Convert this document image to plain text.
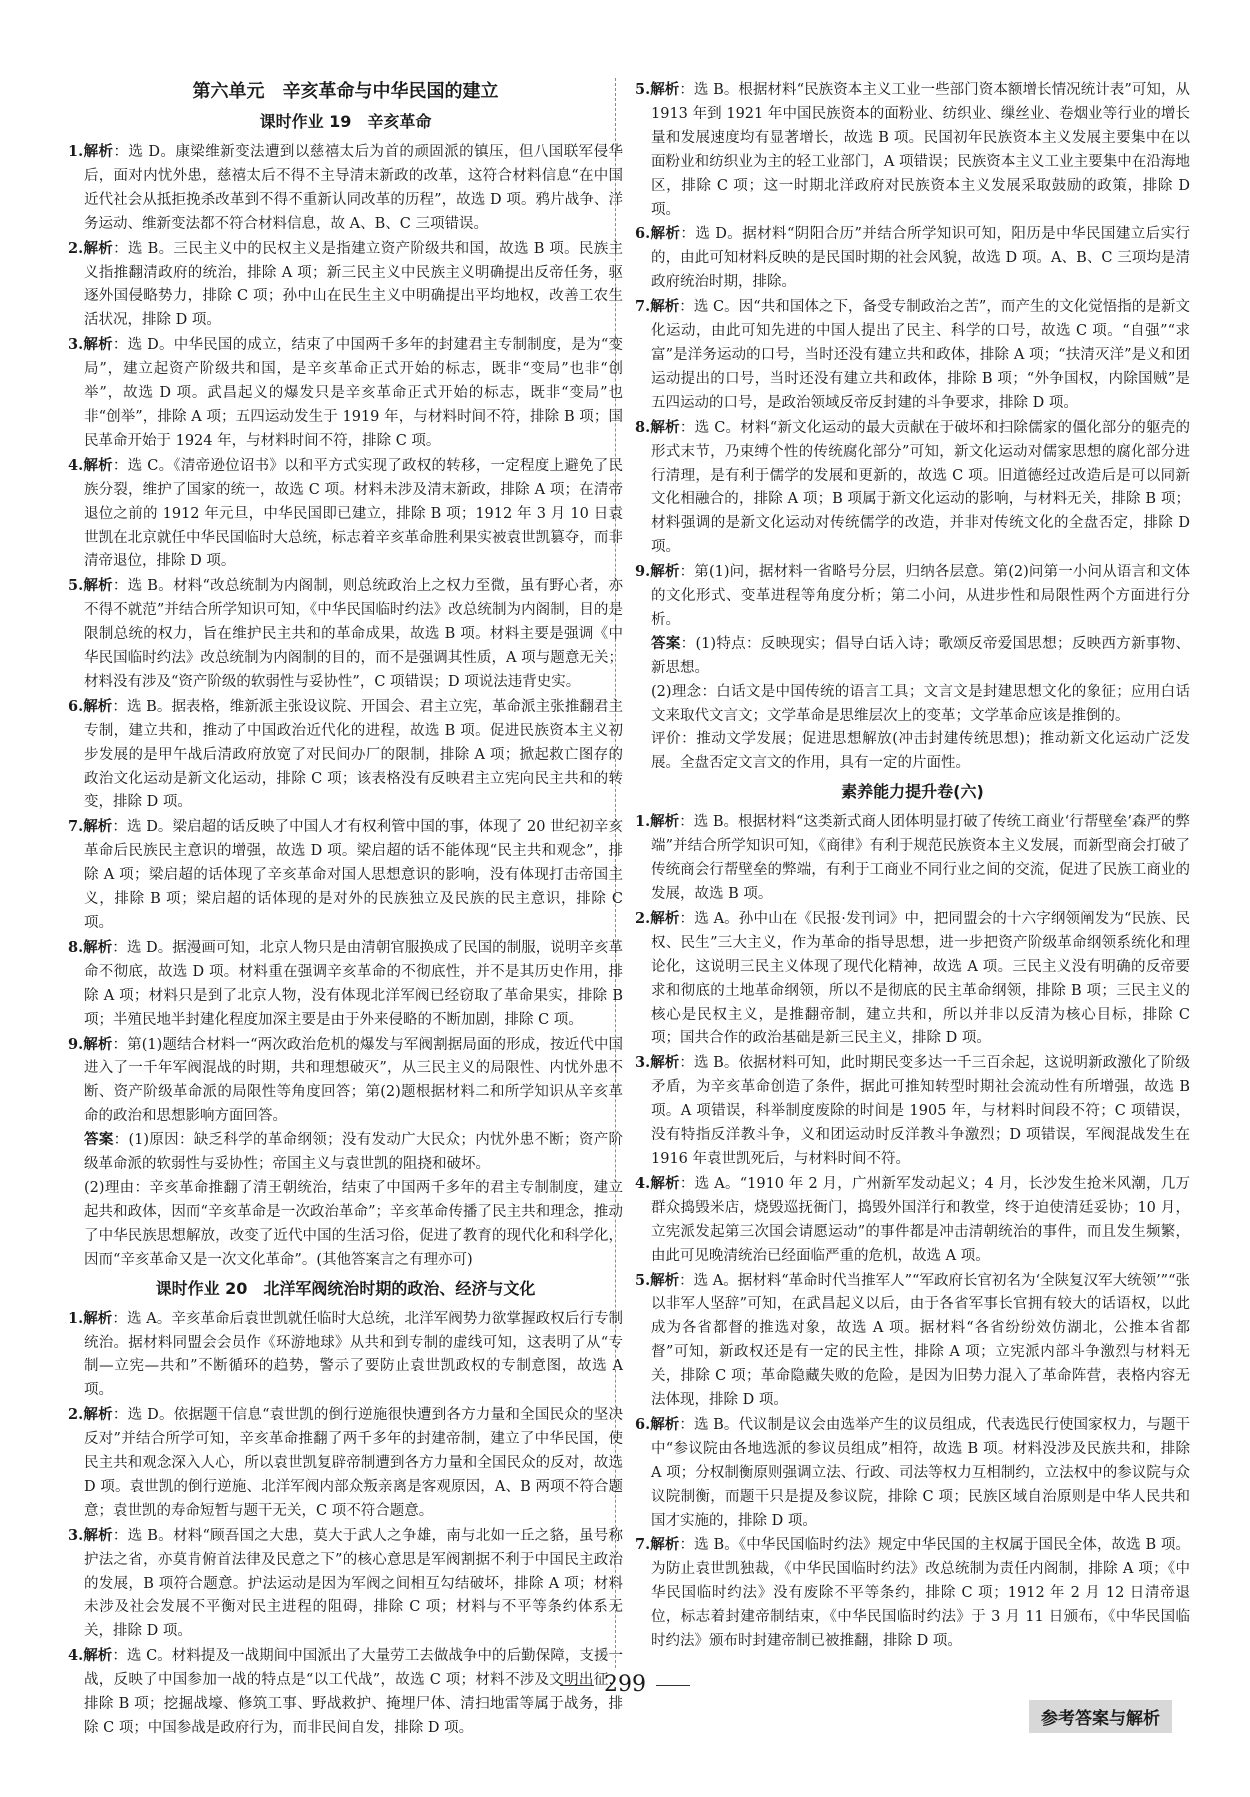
第六单元　辛亥革命与中华民国的建立
课时作业 19　辛亥革命

1.解析：选 D。康梁维新变法遭到以慈禧太后为首的顽固派的镇压，但八国联军侵华后，面对内忧外患，慈禧太后不得不主导清末新政的改革，这符合材料信息“在中国近代社会从抵拒挽杀改革到不得不重新认同改革的历程”，故选 D 项。鸦片战争、洋务运动、维新变法都不符合材料信息，故 A、B、C 三项错误。

2.解析：选 B。三民主义中的民权主义是指建立资产阶级共和国，故选 B 项。民族主义指推翻清政府的统治，排除 A 项；新三民主义中民族主义明确提出反帝任务，驱逐外国侵略势力，排除 C 项；孙中山在民生主义中明确提出平均地权，改善工农生活状况，排除 D 项。

3.解析：选 D。中华民国的成立，结束了中国两千多年的封建君主专制制度，是为“变局”，建立起资产阶级共和国，是辛亥革命正式开始的标志，既非“变局”也非“创举”，故选 D 项。武昌起义的爆发只是辛亥革命正式开始的标志，既非“变局”也非“创举”，排除 A 项；五四运动发生于 1919 年，与材料时间不符，排除 B 项；国民革命开始于 1924 年，与材料时间不符，排除 C 项。

4.解析：选 C。《清帝逊位诏书》以和平方式实现了政权的转移，一定程度上避免了民族分裂，维护了国家的统一，故选 C 项。材料未涉及清末新政，排除 A 项；在清帝退位之前的 1912 年元旦，中华民国即已建立，排除 B 项；1912 年 3 月 10 日袁世凯在北京就任中华民国临时大总统，标志着辛亥革命胜利果实被袁世凯篡夺，而非清帝退位，排除 D 项。

5.解析：选 B。材料“改总统制为内阁制，则总统政治上之权力至微，虽有野心者，亦不得不就范”并结合所学知识可知，《中华民国临时约法》改总统制为内阁制，目的是限制总统的权力，旨在维护民主共和的革命成果，故选 B 项。材料主要是强调《中华民国临时约法》改总统制为内阁制的目的，而不是强调其性质，A 项与题意无关；材料没有涉及“资产阶级的软弱性与妥协性”，C 项错误；D 项说法违背史实。

6.解析：选 B。据表格，维新派主张设议院、开国会、君主立宪，革命派主张推翻君主专制，建立共和，推动了中国政治近代化的进程，故选 B 项。促进民族资本主义初步发展的是甲午战后清政府放宽了对民间办厂的限制，排除 A 项；掀起救亡图存的政治文化运动是新文化运动，排除 C 项；该表格没有反映君主立宪向民主共和的转变，排除 D 项。

7.解析：选 D。梁启超的话反映了中国人才有权利管中国的事，体现了 20 世纪初辛亥革命后民族民主意识的增强，故选 D 项。梁启超的话不能体现“民主共和观念”，排除 A 项；梁启超的话体现了辛亥革命对国人思想意识的影响，没有体现打击帝国主义，排除 B 项；梁启超的话体现的是对外的民族独立及民族的民主意识，排除 C 项。

8.解析：选 D。据漫画可知，北京人物只是由清朝官服换成了民国的制服，说明辛亥革命不彻底，故选 D 项。材料重在强调辛亥革命的不彻底性，并不是其历史作用，排除 A 项；材料只是到了北京人物，没有体现北洋军阀已经窃取了革命果实，排除 B 项；半殖民地半封建化程度加深主要是由于外来侵略的不断加剧，排除 C 项。

9.解析：第(1)题结合材料一“两次政治危机的爆发与军阀割据局面的形成，按近代中国进入了一千年军阀混战的时期，共和理想破灭”，从三民主义的局限性、内忧外患不断、资产阶级革命派的局限性等角度回答；第(2)题根据材料二和所学知识从辛亥革命的政治和思想影响方面回答。

答案：(1)原因：缺乏科学的革命纲领；没有发动广大民众；内忧外患不断；资产阶级革命派的软弱性与妥协性；帝国主义与袁世凯的阻挠和破坏。

(2)理由：辛亥革命推翻了清王朝统治，结束了中国两千多年的君主专制制度，建立起共和政体，因而“辛亥革命是一次政治革命”；辛亥革命传播了民主共和理念，推动了中华民族思想解放，改变了近代中国的生活习俗，促进了教育的现代化和科学化，因而“辛亥革命又是一次文化革命”。(其他答案言之有理亦可)

课时作业 20　北洋军阀统治时期的政治、经济与文化

1.解析：选 A。辛亥革命后袁世凯就任临时大总统，北洋军阀势力欲掌握政权后行专制统治。据材料同盟会会员作《环游地球》从共和到专制的虚线可知，这表明了从“专制—立宪—共和”不断循环的趋势，警示了要防止袁世凯政权的专制意图，故选 A 项。

2.解析：选 D。依据题干信息“袁世凯的倒行逆施很快遭到各方力量和全国民众的坚决反对”并结合所学可知，辛亥革命推翻了两千多年的封建帝制，建立了中华民国，使民主共和观念深入人心，所以袁世凯复辟帝制遭到各方力量和全国民众的反对，故选 D 项。袁世凯的倒行逆施、北洋军阀内部众叛亲离是客观原因，A、B 两项不符合题意；袁世凯的寿命短暂与题干无关，C 项不符合题意。

3.解析：选 B。材料“顾吾国之大患，莫大于武人之争雄，南与北如一丘之貉，虽号称护法之省，亦莫肯俯首法律及民意之下”的核心意思是军阀割据不利于中国民主政治的发展，B 项符合题意。护法运动是因为军阀之间相互勾结破坏，排除 A 项；材料未涉及社会发展不平衡对民主进程的阻碍，排除 C 项；材料与不平等条约体系无关，排除 D 项。

4.解析：选 C。材料提及一战期间中国派出了大量劳工去做战争中的后勤保障，支援一战，反映了中国参加一战的特点是“以工代战”，故选 C 项；材料不涉及文明出征，排除 B 项；挖掘战壕、修筑工事、野战救护、掩埋尸体、清扫地雷等属于战务，排除 C 项；中国参战是政府行为，而非民间自发，排除 D 项。

5.解析：选 B。根据材料“民族资本主义工业一些部门资本额增长情况统计表”可知，从 1913 年到 1921 年中国民族资本的面粉业、纺织业、缫丝业、卷烟业等行业的增长量和发展速度均有显著增长，故选 B 项。民国初年民族资本主义发展主要集中在以面粉业和纺织业为主的轻工业部门，A 项错误；民族资本主义工业主要集中在沿海地区，排除 C 项；这一时期北洋政府对民族资本主义发展采取鼓励的政策，排除 D 项。

6.解析：选 D。据材料“阴阳合历”并结合所学知识可知，阳历是中华民国建立后实行的，由此可知材料反映的是民国时期的社会风貌，故选 D 项。A、B、C 三项均是清政府统治时期，排除。

7.解析：选 C。因“共和国体之下，备受专制政治之苦”，而产生的文化觉悟指的是新文化运动，由此可知先进的中国人提出了民主、科学的口号，故选 C 项。“自强”“求富”是洋务运动的口号，当时还没有建立共和政体，排除 A 项；“扶清灭洋”是义和团运动提出的口号，当时还没有建立共和政体，排除 B 项；“外争国权，内除国贼”是五四运动的口号，是政治领域反帝反封建的斗争要求，排除 D 项。

8.解析：选 C。材料“新文化运动的最大贡献在于破坏和扫除儒家的僵化部分的躯壳的形式末节，乃束缚个性的传统腐化部分”可知，新文化运动对儒家思想的腐化部分进行清理，是有利于儒学的发展和更新的，故选 C 项。旧道德经过改造后是可以同新文化相融合的，排除 A 项；B 项属于新文化运动的影响，与材料无关，排除 B 项；材料强调的是新文化运动对传统儒学的改造，并非对传统文化的全盘否定，排除 D 项。

9.解析：第(1)问，据材料一省略号分层，归纳各层意。第(2)问第一小问从语言和文体的文化形式、变革进程等角度分析；第二小问，从进步性和局限性两个方面进行分析。

答案：(1)特点：反映现实；倡导白话入诗；歌颂反帝爱国思想；反映西方新事物、新思想。

(2)理念：白话文是中国传统的语言工具；文言文是封建思想文化的象征；应用白话文来取代文言文；文学革命是思维层次上的变革；文学革命应该是推倒的。

评价：推动文学发展；促进思想解放(冲击封建传统思想)；推动新文化运动广泛发展。全盘否定文言文的作用，具有一定的片面性。

素养能力提升卷(六)

1.解析：选 B。根据材料“这类新式商人团体明显打破了传统工商业‘行帮壁垒’森严的弊端”并结合所学知识可知，《商律》有利于规范民族资本主义发展，而新型商会打破了传统商会行帮壁垒的弊端，有利于工商业不同行业之间的交流，促进了民族工商业的发展，故选 B 项。

2.解析：选 A。孙中山在《民报·发刊词》中，把同盟会的十六字纲领阐发为“民族、民权、民生”三大主义，作为革命的指导思想，进一步把资产阶级革命纲领系统化和理论化，这说明三民主义体现了现代化精神，故选 A 项。三民主义没有明确的反帝要求和彻底的土地革命纲领，所以不是彻底的民主革命纲领，排除 B 项；三民主义的核心是民权主义，是推翻帝制，建立共和，所以并非以反清为核心目标，排除 C 项；国共合作的政治基础是新三民主义，排除 D 项。

3.解析：选 B。依据材料可知，此时期民变多达一千三百余起，这说明新政激化了阶级矛盾，为辛亥革命创造了条件，据此可推知转型时期社会流动性有所增强，故选 B 项。A 项错误，科举制度废除的时间是 1905 年，与材料时间段不符；C 项错误，没有特指反洋教斗争，义和团运动时反洋教斗争激烈；D 项错误，军阀混战发生在 1916 年袁世凯死后，与材料时间不符。

4.解析：选 A。“1910 年 2 月，广州新军发动起义；4 月，长沙发生抢米风潮，几万群众捣毁米店，烧毁巡抚衙门，捣毁外国洋行和教堂，终于迫使清廷妥协；10 月，立宪派发起第三次国会请愿运动”的事件都是冲击清朝统治的事件，而且发生频繁，由此可见晚清统治已经面临严重的危机，故选 A 项。

5.解析：选 A。据材料“革命时代当推军人”“军政府长官初名为‘全陕复汉军大统领’”“张以非军人坚辞”可知，在武昌起义以后，由于各省军事长官拥有较大的话语权，以此成为各省都督的推选对象，故选 A 项。据材料“各省纷纷效仿湖北，公推本省都督”可知，新政权还是有一定的民主性，排除 A 项；立宪派内部斗争激烈与材料无关，排除 C 项；革命隐藏失败的危险，是因为旧势力混入了革命阵营，表格内容无法体现，排除 D 项。

6.解析：选 B。代议制是议会由选举产生的议员组成，代表选民行使国家权力，与题干中“参议院由各地选派的参议员组成”相符，故选 B 项。材料没涉及民族共和，排除 A 项；分权制衡原则强调立法、行政、司法等权力互相制约，立法权中的参议院与众议院制衡，而题干只是提及参议院，排除 C 项；民族区域自治原则是中华人民共和国才实施的，排除 D 项。

7.解析：选 B。《中华民国临时约法》规定中华民国的主权属于国民全体，故选 B 项。为防止袁世凯独裁，《中华民国临时约法》改总统制为责任内阁制，排除 A 项；《中华民国临时约法》没有废除不平等条约，排除 C 项；1912 年 2 月 12 日清帝退位，标志着封建帝制结束，《中华民国临时约法》于 3 月 11 日颁布，《中华民国临时约法》颁布时封建帝制已被推翻，排除 D 项。

299
参考答案与解析
